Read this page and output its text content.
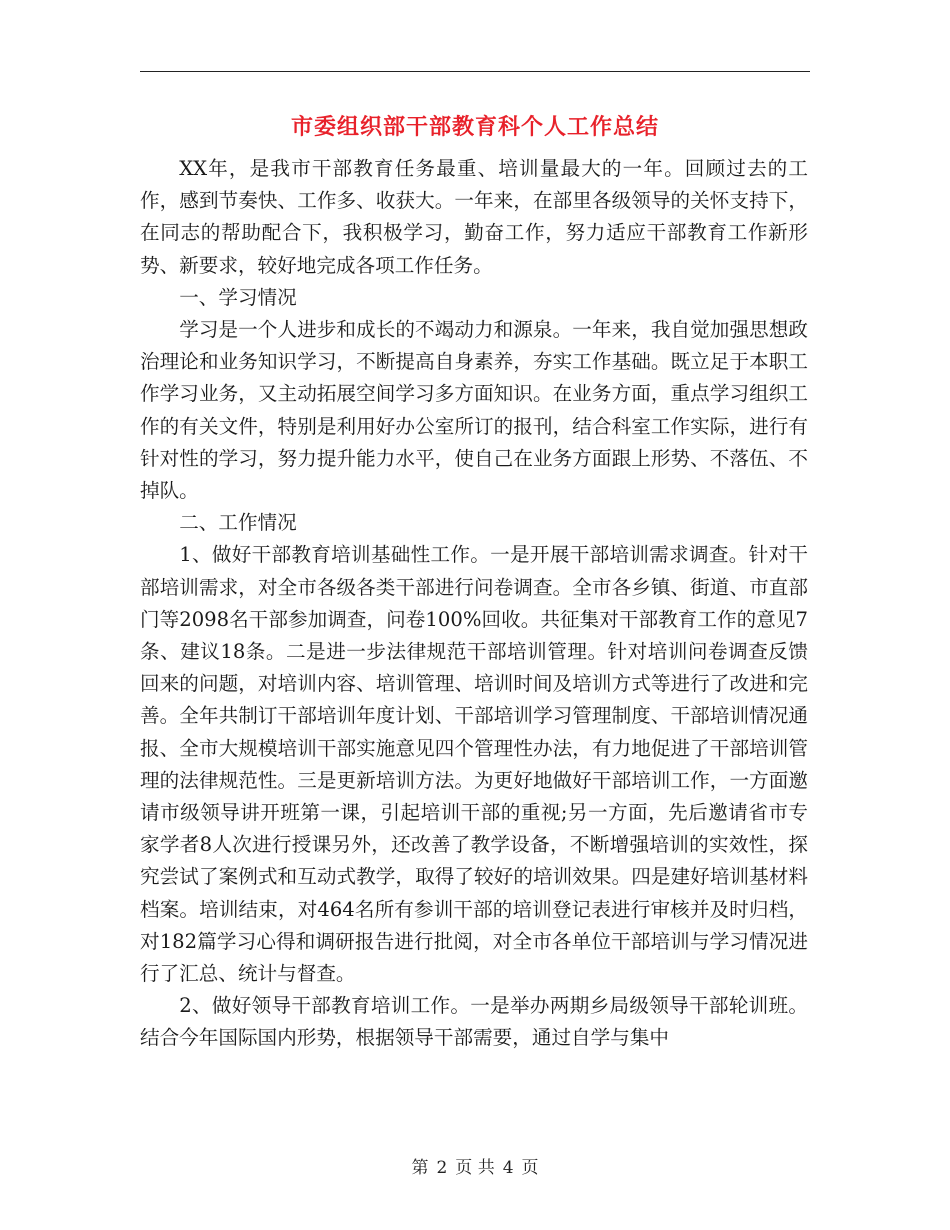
市委组织部干部教育科个人工作总结

XX年，是我市干部教育任务最重、培训量最大的一年。回顾过去的工作，感到节奏快、工作多、收获大。一年来，在部里各级领导的关怀支持下，在同志的帮助配合下，我积极学习，勤奋工作，努力适应干部教育工作新形势、新要求，较好地完成各项工作任务。

一、学习情况

学习是一个人进步和成长的不竭动力和源泉。一年来，我自觉加强思想政治理论和业务知识学习，不断提高自身素养，夯实工作基础。既立足于本职工作学习业务，又主动拓展空间学习多方面知识。在业务方面，重点学习组织工作的有关文件，特别是利用好办公室所订的报刊，结合科室工作实际，进行有针对性的学习，努力提升能力水平，使自己在业务方面跟上形势、不落伍、不掉队。

二、工作情况

1、做好干部教育培训基础性工作。一是开展干部培训需求调查。针对干部培训需求，对全市各级各类干部进行问卷调查。全市各乡镇、街道、市直部门等2098名干部参加调查，问卷100%回收。共征集对干部教育工作的意见7条、建议18条。二是进一步法律规范干部培训管理。针对培训问卷调查反馈回来的问题，对培训内容、培训管理、培训时间及培训方式等进行了改进和完善。全年共制订干部培训年度计划、干部培训学习管理制度、干部培训情况通报、全市大规模培训干部实施意见四个管理性办法，有力地促进了干部培训管理的法律规范性。三是更新培训方法。为更好地做好干部培训工作，一方面邀请市级领导讲开班第一课，引起培训干部的重视;另一方面，先后邀请省市专家学者8人次进行授课另外，还改善了教学设备，不断增强培训的实效性，探究尝试了案例式和互动式教学，取得了较好的培训效果。四是建好培训基材料档案。培训结束，对464名所有参训干部的培训登记表进行审核并及时归档，对182篇学习心得和调研报告进行批阅，对全市各单位干部培训与学习情况进行了汇总、统计与督查。

2、做好领导干部教育培训工作。一是举办两期乡局级领导干部轮训班。结合今年国际国内形势，根据领导干部需要，通过自学与集中

第 2 页 共 4 页
